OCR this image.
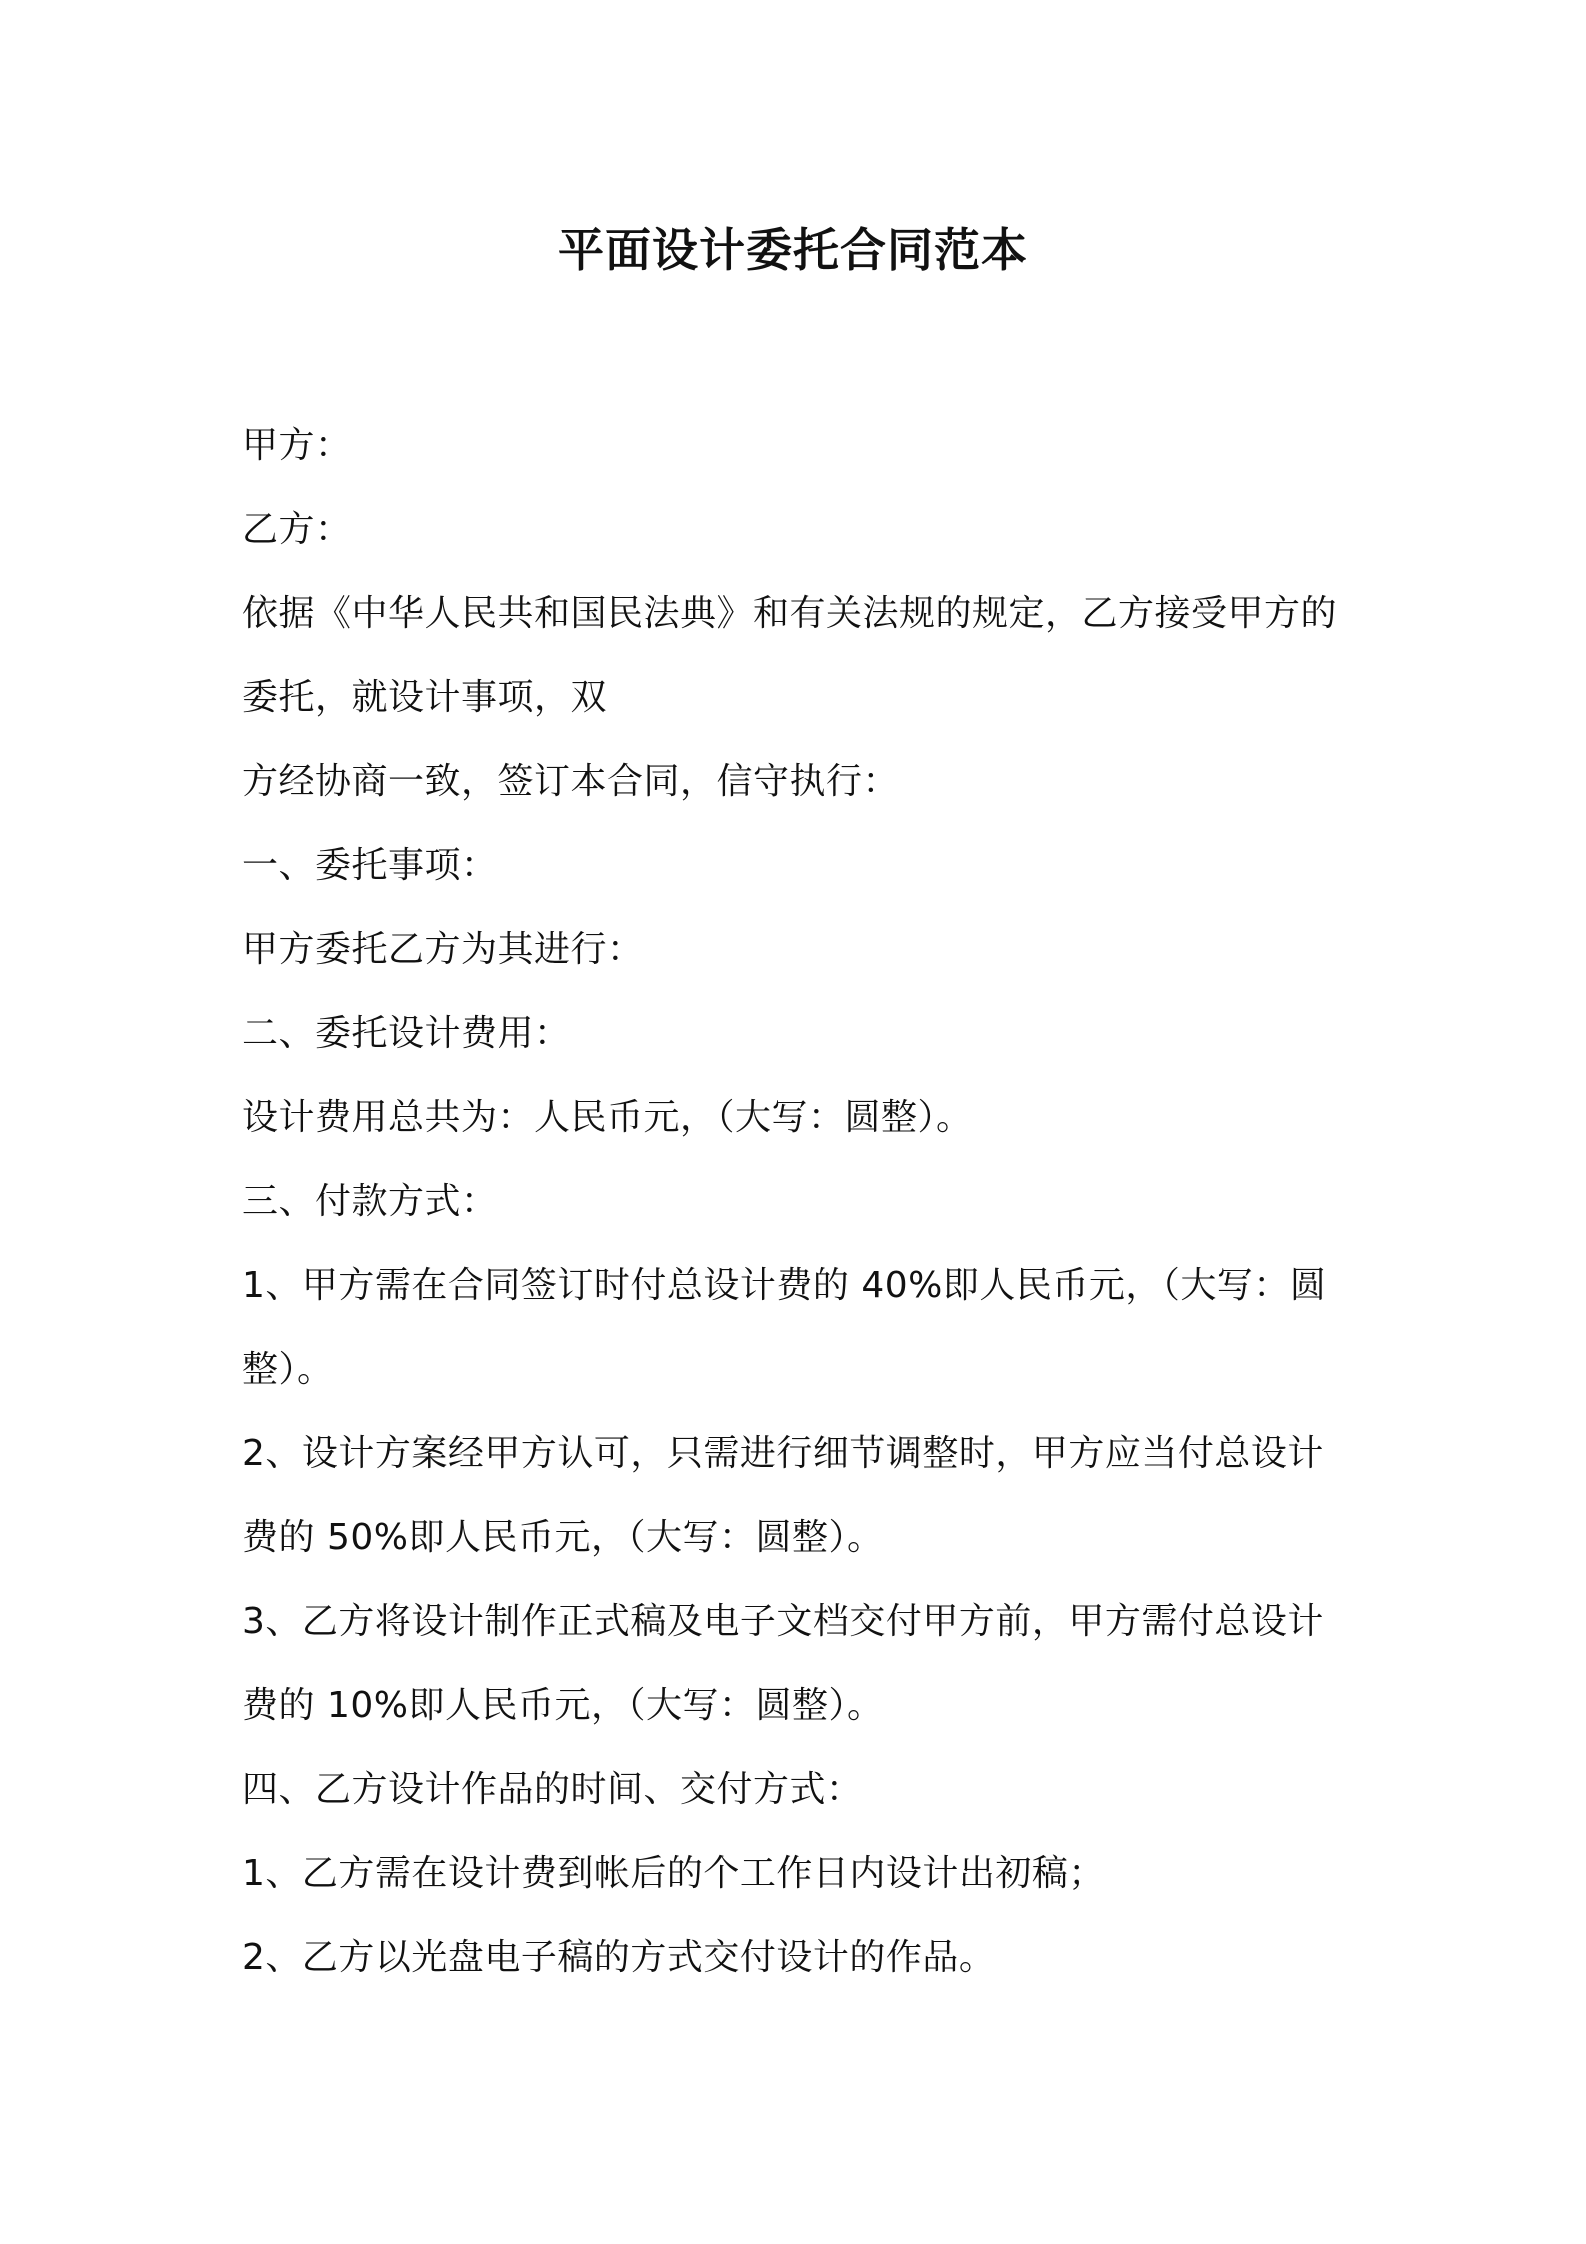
平面设计委托合同范本
甲方：
乙方：
依据《中华人民共和国民法典》和有关法规的规定，乙方接受甲方的
委托，就设计事项，双
方经协商一致，签订本合同，信守执行：
一、委托事项：
甲方委托乙方为其进行：
二、委托设计费用：
设计费用总共为：人民币元，（大写：圆整）。
三、付款方式：
1、甲方需在合同签订时付总设计费的 40%即人民币元，（大写：圆
整）。
2、设计方案经甲方认可，只需进行细节调整时，甲方应当付总设计
费的 50%即人民币元，（大写：圆整）。
3、乙方将设计制作正式稿及电子文档交付甲方前，甲方需付总设计
费的 10%即人民币元，（大写：圆整）。
四、乙方设计作品的时间、交付方式：
1、乙方需在设计费到帐后的个工作日内设计出初稿；
2、乙方以光盘电子稿的方式交付设计的作品。
